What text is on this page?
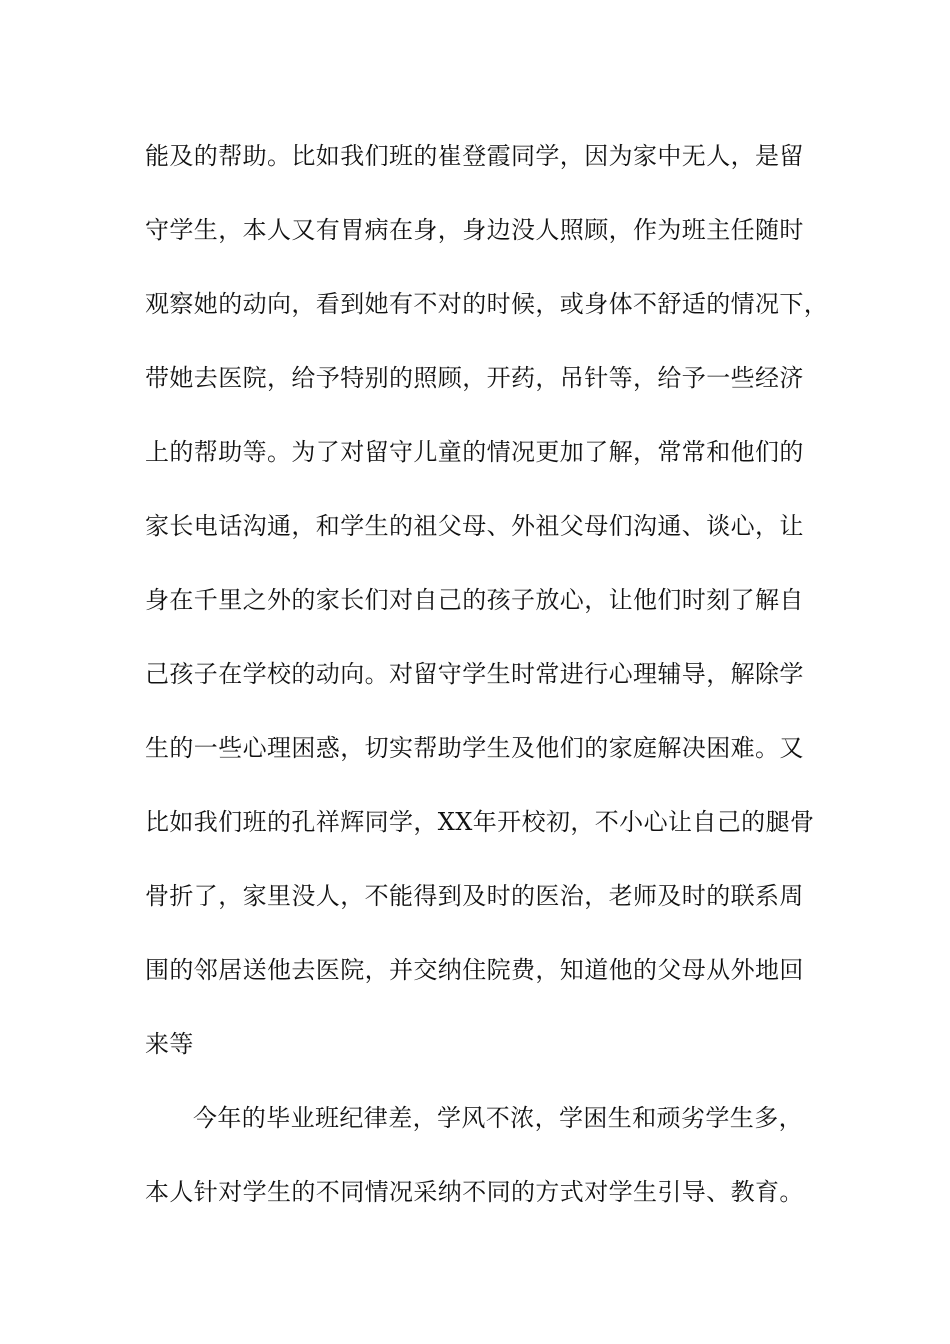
能及的帮助。比如我们班的崔登霞同学，因为家中无人，是留
守学生，本人又有胃病在身，身边没人照顾，作为班主任随时
观察她的动向，看到她有不对的时候，或身体不舒适的情况下，
带她去医院，给予特别的照顾，开药，吊针等，给予一些经济
上的帮助等。为了对留守儿童的情况更加了解，常常和他们的
家长电话沟通，和学生的祖父母、外祖父母们沟通、谈心，让
身在千里之外的家长们对自己的孩子放心，让他们时刻了解自
己孩子在学校的动向。对留守学生时常进行心理辅导，解除学
生的一些心理困惑，切实帮助学生及他们的家庭解决困难。又
比如我们班的孔祥辉同学，XX年开校初，不小心让自己的腿骨
骨折了，家里没人，不能得到及时的医治，老师及时的联系周
围的邻居送他去医院，并交纳住院费，知道他的父母从外地回
来等
今年的毕业班纪律差，学风不浓，学困生和顽劣学生多，
本人针对学生的不同情况采纳不同的方式对学生引导、教育。
